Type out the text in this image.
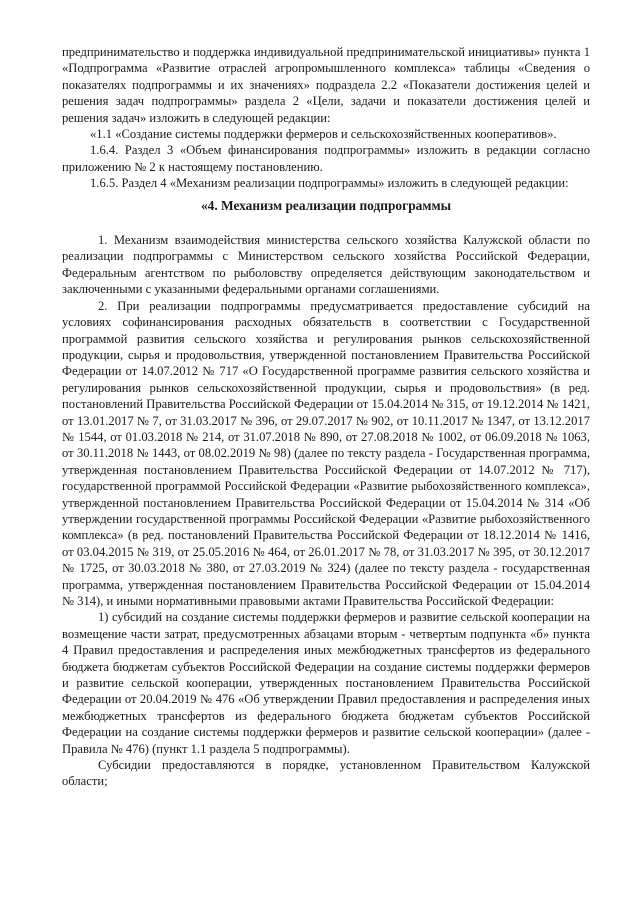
предпринимательство и поддержка индивидуальной предпринимательской инициативы» пункта 1 «Подпрограмма «Развитие отраслей агропромышленного комплекса» таблицы «Сведения о показателях подпрограммы и их значениях» подраздела 2.2 «Показатели достижения целей и решения задач подпрограммы» раздела 2 «Цели, задачи и показатели достижения целей и решения задач» изложить в следующей редакции:

«1.1 «Создание системы поддержки фермеров и сельскохозяйственных кооперативов».

1.6.4. Раздел 3 «Объем финансирования подпрограммы» изложить в редакции согласно приложению № 2 к настоящему постановлению.

1.6.5. Раздел 4 «Механизм реализации подпрограммы» изложить в следующей редакции:

«4. Механизм реализации подпрограммы

1. Механизм взаимодействия министерства сельского хозяйства Калужской области по реализации подпрограммы с Министерством сельского хозяйства Российской Федерации, Федеральным агентством по рыболовству определяется действующим законодательством и заключенными с указанными федеральными органами соглашениями.

2. При реализации подпрограммы предусматривается предоставление субсидий на условиях софинансирования расходных обязательств в соответствии с Государственной программой развития сельского хозяйства и регулирования рынков сельскохозяйственной продукции, сырья и продовольствия, утвержденной постановлением Правительства Российской Федерации от 14.07.2012 № 717 «О Государственной программе развития сельского хозяйства и регулирования рынков сельскохозяйственной продукции, сырья и продовольствия» (в ред. постановлений Правительства Российской Федерации от 15.04.2014 № 315, от 19.12.2014 № 1421, от 13.01.2017 № 7, от 31.03.2017 № 396, от 29.07.2017 № 902, от 10.11.2017 № 1347, от 13.12.2017 № 1544, от 01.03.2018 № 214, от 31.07.2018 № 890, от 27.08.2018 № 1002, от 06.09.2018 № 1063, от 30.11.2018 № 1443, от 08.02.2019 № 98) (далее по тексту раздела - Государственная программа, утвержденная постановлением Правительства Российской Федерации от 14.07.2012 № 717), государственной программой Российской Федерации «Развитие рыбохозяйственного комплекса», утвержденной постановлением Правительства Российской Федерации от 15.04.2014 № 314 «Об утверждении государственной программы Российской Федерации «Развитие рыбохозяйственного комплекса» (в ред. постановлений Правительства Российской Федерации от 18.12.2014 № 1416, от 03.04.2015 № 319, от 25.05.2016 № 464, от 26.01.2017 № 78, от 31.03.2017 № 395, от 30.12.2017 № 1725, от 30.03.2018 № 380, от 27.03.2019 № 324) (далее по тексту раздела - государственная программа, утвержденная постановлением Правительства Российской Федерации от 15.04.2014 № 314), и иными нормативными правовыми актами Правительства Российской Федерации:

1) субсидий на создание системы поддержки фермеров и развитие сельской кооперации на возмещение части затрат, предусмотренных абзацами вторым - четвертым подпункта «б» пункта 4 Правил предоставления и распределения иных межбюджетных трансфертов из федерального бюджета бюджетам субъектов Российской Федерации на создание системы поддержки фермеров и развитие сельской кооперации, утвержденных постановлением Правительства Российской Федерации от 20.04.2019 № 476 «Об утверждении Правил предоставления и распределения иных межбюджетных трансфертов из федерального бюджета бюджетам субъектов Российской Федерации на создание системы поддержки фермеров и развитие сельской кооперации» (далее - Правила № 476) (пункт 1.1 раздела 5 подпрограммы).

Субсидии предоставляются в порядке, установленном Правительством Калужской области;
